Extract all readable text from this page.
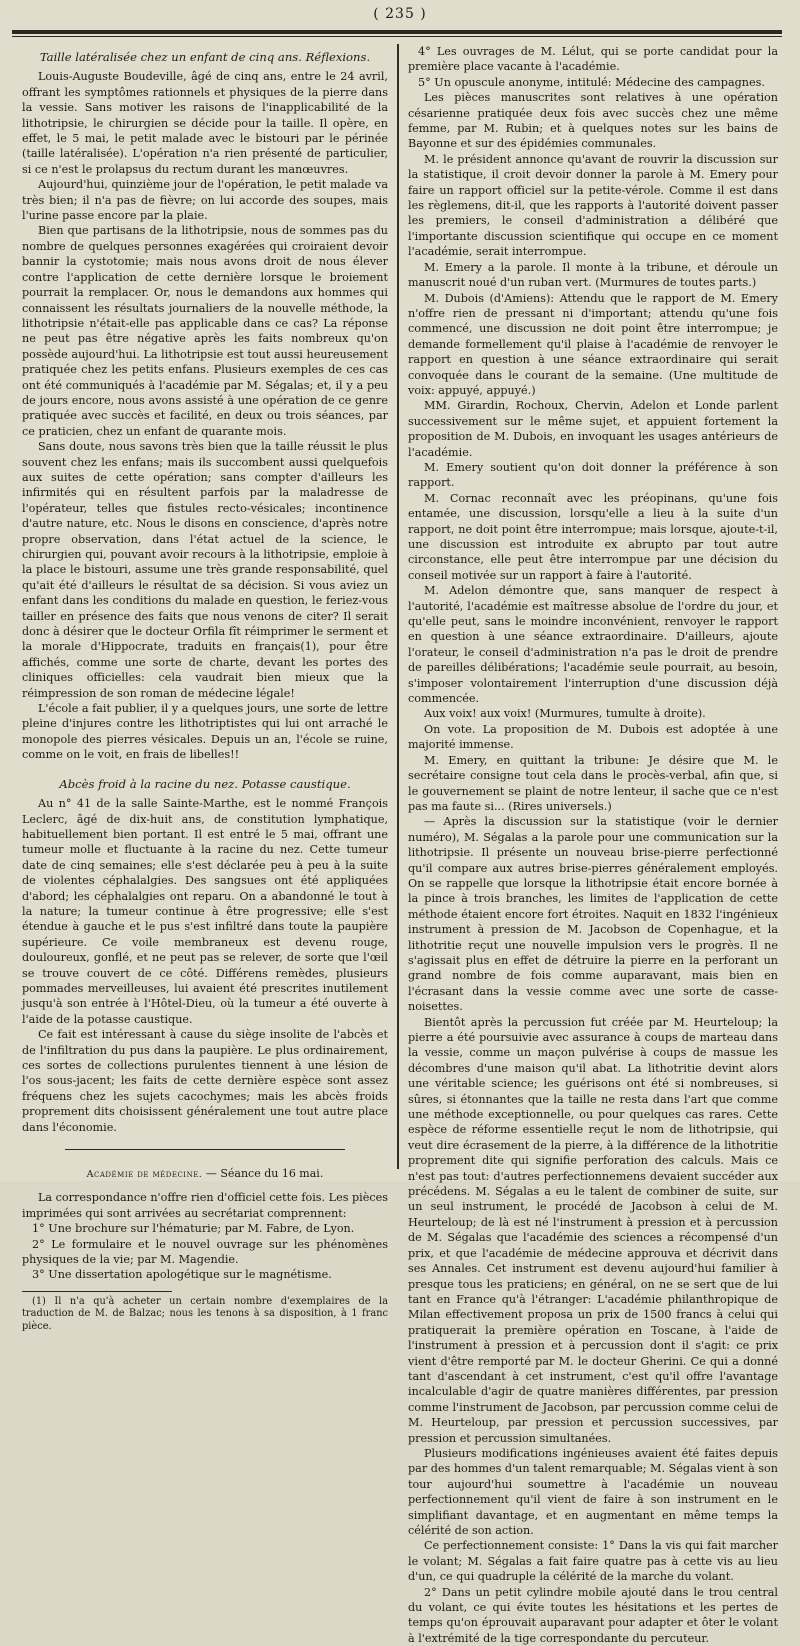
( 235 )
Taille latéralisée chez un enfant de cinq ans. Réflexions.

Louis-Auguste Boudeville, âgé de cinq ans, entre le 24 avril, offrant les symptômes rationnels et physiques de la pierre dans la vessie. Sans motiver les raisons de l'inapplicabilité de la lithotripsie, le chirurgien se décide pour la taille. Il opère, en effet, le 5 mai, le petit malade avec le bistouri par le périnée (taille latéralisée). L'opération n'a rien présenté de particulier, si ce n'est le prolapsus du rectum durant les manœuvres.

Aujourd'hui, quinzième jour de l'opération, le petit malade va très bien; il n'a pas de fièvre; on lui accorde des soupes, mais l'urine passe encore par la plaie.

Bien que partisans de la lithotripsie, nous de sommes pas du nombre de quelques personnes exagérées qui croiraient devoir bannir la cystotomie; mais nous avons droit de nous élever contre l'application de cette dernière lorsque le broiement pourrait la remplacer. Or, nous le demandons aux hommes qui connaissent les résultats journaliers de la nouvelle méthode, la lithotripsie n'était-elle pas applicable dans ce cas? La réponse ne peut pas être négative après les faits nombreux qu'on possède aujourd'hui. La lithotripsie est tout aussi heureusement pratiquée chez les petits enfans. Plusieurs exemples de ces cas ont été communiqués à l'académie par M. Ségalas; et, il y a peu de jours encore, nous avons assisté à une opération de ce genre pratiquée avec succès et facilité, en deux ou trois séances, par ce praticien, chez un enfant de quarante mois.

Sans doute, nous savons très bien que la taille réussit le plus souvent chez les enfans; mais ils succombent aussi quelquefois aux suites de cette opération; sans compter d'ailleurs les infirmités qui en résultent parfois par la maladresse de l'opérateur, telles que fistules recto-vésicales; incontinence d'autre nature, etc. Nous le disons en conscience, d'après notre propre observation, dans l'état actuel de la science, le chirurgien qui, pouvant avoir recours à la lithotripsie, emploie à la place le bistouri, assume une très grande responsabilité, quel qu'ait été d'ailleurs le résultat de sa décision. Si vous aviez un enfant dans les conditions du malade en question, le feriez-vous tailler en présence des faits que nous venons de citer? Il serait donc à désirer que le docteur Orfila fît réimprimer le serment et la morale d'Hippocrate, traduits en français(1), pour être affichés, comme une sorte de charte, devant les portes des cliniques officielles: cela vaudrait bien mieux que la réimpression de son roman de médecine légale!

L'école a fait publier, il y a quelques jours, une sorte de lettre pleine d'injures contre les lithotriptistes qui lui ont arraché le monopole des pierres vésicales. Depuis un an, l'école se ruine, comme on le voit, en frais de libelles!!

Abcès froid à la racine du nez. Potasse caustique.

Au n° 41 de la salle Sainte-Marthe, est le nommé François Leclerc, âgé de dix-huit ans, de constitution lymphatique, habituellement bien portant. Il est entré le 5 mai, offrant une tumeur molle et fluctuante à la racine du nez. Cette tumeur date de cinq semaines; elle s'est déclarée peu à peu à la suite de violentes céphalalgies. Des sangsues ont été appliquées d'abord; les céphalalgies ont reparu. On a abandonné le tout à la nature; la tumeur continue à être progressive; elle s'est étendue à gauche et le pus s'est infiltré dans toute la paupière supérieure. Ce voile membraneux est devenu rouge, douloureux, gonflé, et ne peut pas se relever, de sorte que l'œil se trouve couvert de ce côté. Différens remèdes, plusieurs pommades merveilleuses, lui avaient été prescrites inutilement jusqu'à son entrée à l'Hôtel-Dieu, où la tumeur a été ouverte à l'aide de la potasse caustique.

Ce fait est intéressant à cause du siège insolite de l'abcès et de l'infiltration du pus dans la paupière. Le plus ordinairement, ces sortes de collections purulentes tiennent à une lésion de l'os sous-jacent; les faits de cette dernière espèce sont assez fréquens chez les sujets cacochymes; mais les abcès froids proprement dits choisissent généralement une tout autre place dans l'économie.

Académie de médecine. — Séance du 16 mai.

La correspondance n'offre rien d'officiel cette fois. Les pièces imprimées qui sont arrivées au secrétariat comprennent:

1° Une brochure sur l'hématurie; par M. Fabre, de Lyon.

2° Le formulaire et le nouvel ouvrage sur les phénomènes physiques de la vie; par M. Magendie.

3° Une dissertation apologétique sur le magnétisme.

(1) Il n'a qu'à acheter un certain nombre d'exemplaires de la traduction de M. de Balzac; nous les tenons à sa disposition, à 1 franc pièce.

4° Les ouvrages de M. Lélut, qui se porte candidat pour la première place vacante à l'académie.

5° Un opuscule anonyme, intitulé: Médecine des campagnes.

Les pièces manuscrites sont relatives à une opération césarienne pratiquée deux fois avec succès chez une même femme, par M. Rubin; et à quelques notes sur les bains de Bayonne et sur des épidémies communales.

M. le président annonce qu'avant de rouvrir la discussion sur la statistique, il croit devoir donner la parole à M. Emery pour faire un rapport officiel sur la petite-vérole. Comme il est dans les règlemens, dit-il, que les rapports à l'autorité doivent passer les premiers, le conseil d'administration a délibéré que l'importante discussion scientifique qui occupe en ce moment l'académie, serait interrompue.

M. Emery a la parole. Il monte à la tribune, et déroule un manuscrit noué d'un ruban vert. (Murmures de toutes parts.)

M. Dubois (d'Amiens): Attendu que le rapport de M. Emery n'offre rien de pressant ni d'important; attendu qu'une fois commencé, une discussion ne doit point être interrompue; je demande formellement qu'il plaise à l'académie de renvoyer le rapport en question à une séance extraordinaire qui serait convoquée dans le courant de la semaine. (Une multitude de voix: appuyé, appuyé.)

MM. Girardin, Rochoux, Chervin, Adelon et Londe parlent successivement sur le même sujet, et appuient fortement la proposition de M. Dubois, en invoquant les usages antérieurs de l'académie.

M. Emery soutient qu'on doit donner la préférence à son rapport.

M. Cornac reconnaît avec les préopinans, qu'une fois entamée, une discussion, lorsqu'elle a lieu à la suite d'un rapport, ne doit point être interrompue; mais lorsque, ajoute-t-il, une discussion est introduite ex abrupto par tout autre circonstance, elle peut être interrompue par une décision du conseil motivée sur un rapport à faire à l'autorité.

M. Adelon démontre que, sans manquer de respect à l'autorité, l'académie est maîtresse absolue de l'ordre du jour, et qu'elle peut, sans le moindre inconvénient, renvoyer le rapport en question à une séance extraordinaire. D'ailleurs, ajoute l'orateur, le conseil d'administration n'a pas le droit de prendre de pareilles délibérations; l'académie seule pourrait, au besoin, s'imposer volontairement l'interruption d'une discussion déjà commencée.

Aux voix! aux voix! (Murmures, tumulte à droite).

On vote. La proposition de M. Dubois est adoptée à une majorité immense.

M. Emery, en quittant la tribune: Je désire que M. le secrétaire consigne tout cela dans le procès-verbal, afin que, si le gouvernement se plaint de notre lenteur, il sache que ce n'est pas ma faute si... (Rires universels.)

— Après la discussion sur la statistique (voir le dernier numéro), M. Ségalas a la parole pour une communication sur la lithotripsie. Il présente un nouveau brise-pierre perfectionné qu'il compare aux autres brise-pierres généralement employés. On se rappelle que lorsque la lithotripsie était encore bornée à la pince à trois branches, les limites de l'application de cette méthode étaient encore fort étroites. Naquit en 1832 l'ingénieux instrument à pression de M. Jacobson de Copenhague, et la lithotritie reçut une nouvelle impulsion vers le progrès. Il ne s'agissait plus en effet de détruire la pierre en la perforant un grand nombre de fois comme auparavant, mais bien en l'écrasant dans la vessie comme avec une sorte de casse-noisettes.

Bientôt après la percussion fut créée par M. Heurteloup; la pierre a été poursuivie avec assurance à coups de marteau dans la vessie, comme un maçon pulvérise à coups de massue les décombres d'une maison qu'il abat. La lithotritie devint alors une véritable science; les guérisons ont été si nombreuses, si sûres, si étonnantes que la taille ne resta dans l'art que comme une méthode exceptionnelle, ou pour quelques cas rares. Cette espèce de réforme essentielle reçut le nom de lithotripsie, qui veut dire écrasement de la pierre, à la différence de la lithotritie proprement dite qui signifie perforation des calculs. Mais ce n'est pas tout: d'autres perfectionnemens devaient succéder aux précédens. M. Ségalas a eu le talent de combiner de suite, sur un seul instrument, le procédé de Jacobson à celui de M. Heurteloup; de là est né l'instrument à pression et à percussion de M. Ségalas que l'académie des sciences a récompensé d'un prix, et que l'académie de médecine approuva et décrivit dans ses Annales. Cet instrument est devenu aujourd'hui familier à presque tous les praticiens; en général, on ne se sert que de lui tant en France qu'à l'étranger: L'académie philanthropique de Milan effectivement proposa un prix de 1500 francs à celui qui pratiquerait la première opération en Toscane, à l'aide de l'instrument à pression et à percussion dont il s'agit: ce prix vient d'être remporté par M. le docteur Gherini. Ce qui a donné tant d'ascendant à cet instrument, c'est qu'il offre l'avantage incalculable d'agir de quatre manières différentes, par pression comme l'instrument de Jacobson, par percussion comme celui de M. Heurteloup, par pression et percussion successives, par pression et percussion simultanées.

Plusieurs modifications ingénieuses avaient été faites depuis par des hommes d'un talent remarquable; M. Ségalas vient à son tour aujourd'hui soumettre à l'académie un nouveau perfectionnement qu'il vient de faire à son instrument en le simplifiant davantage, et en augmentant en même temps la célérité de son action.

Ce perfectionnement consiste: 1° Dans la vis qui fait marcher le volant; M. Ségalas a fait faire quatre pas à cette vis au lieu d'un, ce qui quadruple la célérité de la marche du volant.

2° Dans un petit cylindre mobile ajouté dans le trou central du volant, ce qui évite toutes les hésitations et les pertes de temps qu'on éprouvait auparavant pour adapter et ôter le volant à l'extrémité de la tige correspondante du percuteur.
